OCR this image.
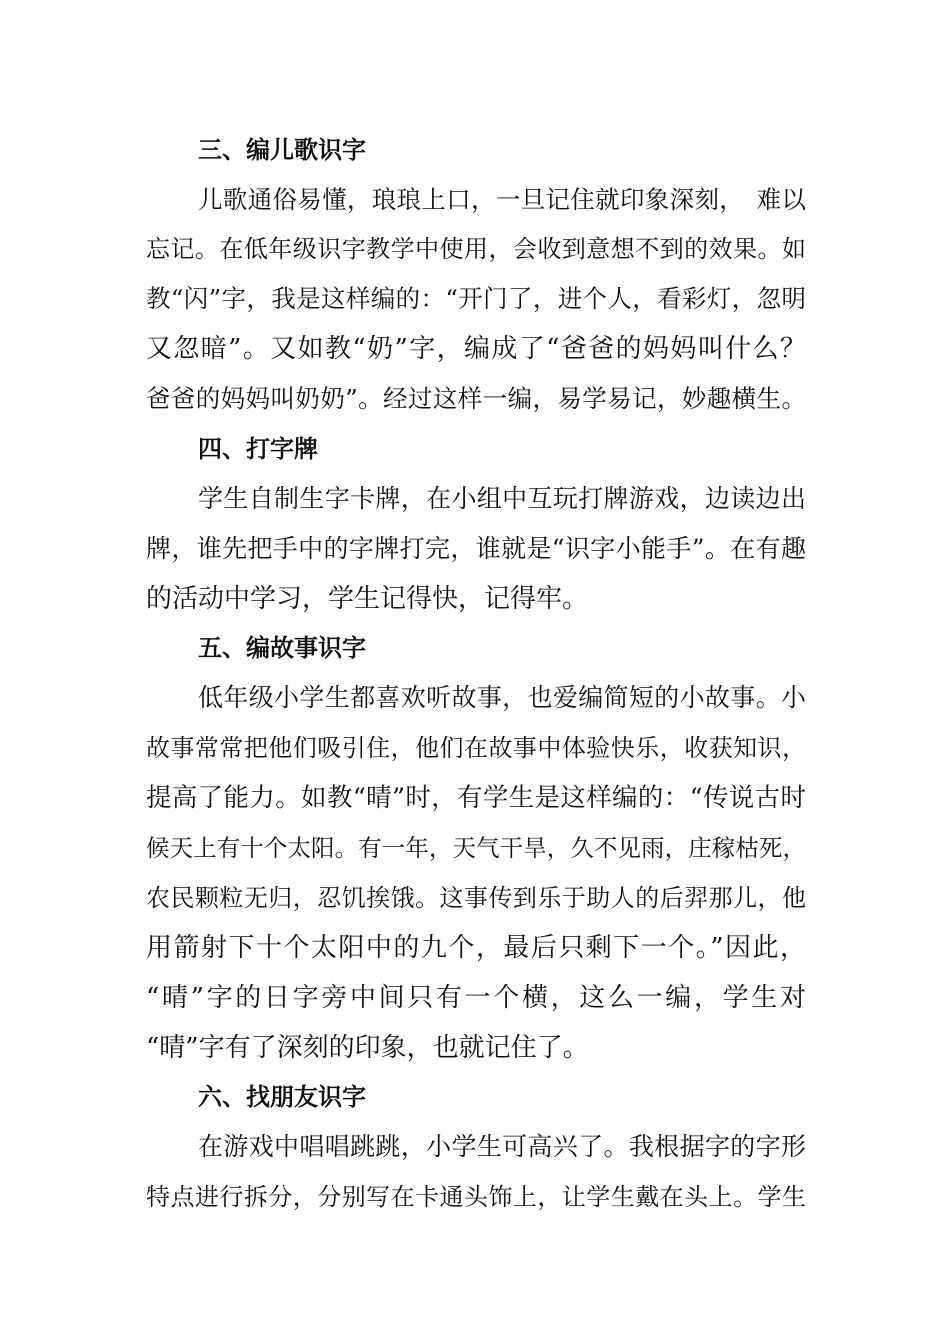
三、编儿歌识字
儿歌通俗易懂，琅琅上口，一旦记住就印象深刻，　难以
忘记。在低年级识字教学中使用，会收到意想不到的效果。如
教“闪”字，我是这样编的：“开门了，进个人，看彩灯，忽明
又忽暗”。又如教“奶”字，编成了“爸爸的妈妈叫什么？
爸爸的妈妈叫奶奶”。经过这样一编，易学易记，妙趣横生。
四、打字牌
学生自制生字卡牌，在小组中互玩打牌游戏，边读边出
牌，谁先把手中的字牌打完，谁就是“识字小能手”。在有趣
的活动中学习，学生记得快，记得牢。
五、编故事识字
低年级小学生都喜欢听故事，也爱编简短的小故事。小
故事常常把他们吸引住，他们在故事中体验快乐，收获知识，
提高了能力。如教“晴”时，有学生是这样编的：“传说古时
候天上有十个太阳。有一年，天气干旱，久不见雨，庄稼枯死，
农民颗粒无归，忍饥挨饿。这事传到乐于助人的后羿那儿，他
用箭射下十个太阳中的九个，最后只剩下一个。”因此，
“晴”字的日字旁中间只有一个横，这么一编，学生对
“晴”字有了深刻的印象，也就记住了。
六、找朋友识字
在游戏中唱唱跳跳，小学生可高兴了。我根据字的字形
特点进行拆分，分别写在卡通头饰上，让学生戴在头上。学生
